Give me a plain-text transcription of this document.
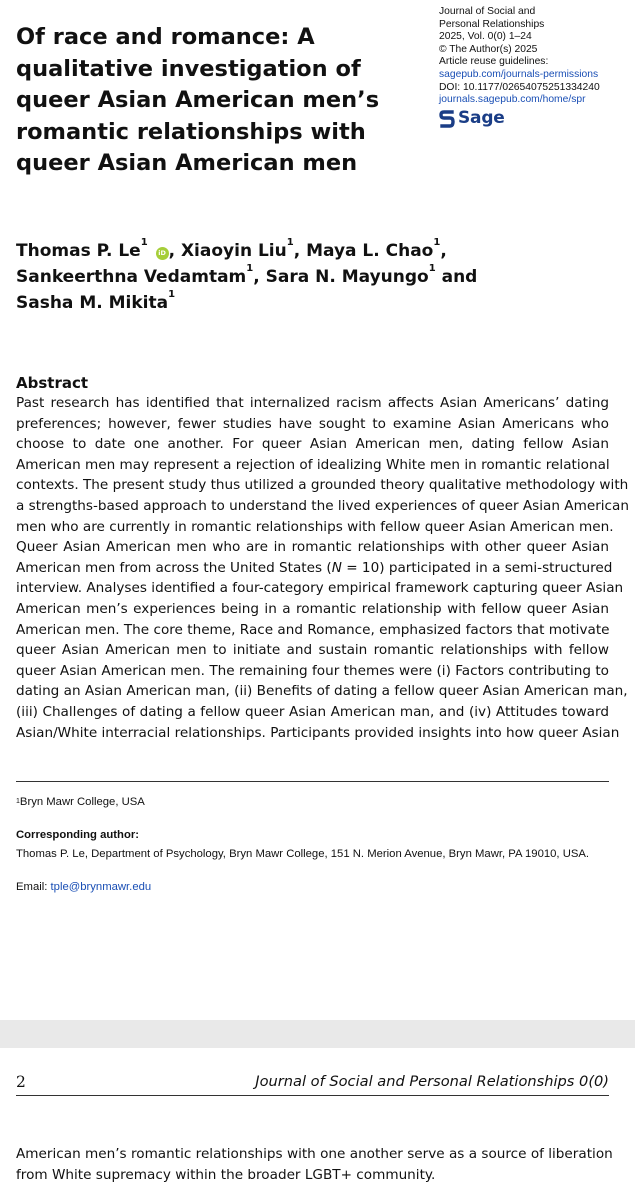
Of race and romance: A
qualitative investigation of
queer Asian American men’s
romantic relationships with
queer Asian American men
Journal of Social and
Personal Relationships
2025, Vol. 0(0) 1–24
© The Author(s) 2025
Article reuse guidelines:
sagepub.com/journals-permissions
DOI: 10.1177/02654075251334240
journals.sagepub.com/home/spr
Sage
Thomas P. Le$^1$ iD , Xiaoyin Liu$^1$, Maya L. Chao$^1$,
Sankeerthna Vedamtam$^1$, Sara N. Mayungo$^1$ and
Sasha M. Mikita$^1$
Abstract
Past research has identified that internalized racism affects Asian Americans’ dating
preferences; however, fewer studies have sought to examine Asian Americans who
choose to date one another. For queer Asian American men, dating fellow Asian
American men may represent a rejection of idealizing White men in romantic relational
contexts. The present study thus utilized a grounded theory qualitative methodology with
a strengths-based approach to understand the lived experiences of queer Asian American
men who are currently in romantic relationships with fellow queer Asian American men.
Queer Asian American men who are in romantic relationships with other queer Asian
American men from across the United States (N = 10) participated in a semi-structured
interview. Analyses identified a four-category empirical framework capturing queer Asian
American men’s experiences being in a romantic relationship with fellow queer Asian
American men. The core theme, Race and Romance, emphasized factors that motivate
queer Asian American men to initiate and sustain romantic relationships with fellow
queer Asian American men. The remaining four themes were (i) Factors contributing to
dating an Asian American man, (ii) Benefits of dating a fellow queer Asian American man,
(iii) Challenges of dating a fellow queer Asian American man, and (iv) Attitudes toward
Asian/White interracial relationships. Participants provided insights into how queer Asian
$^1$Bryn Mawr College, USA
Corresponding author:
Thomas P. Le, Department of Psychology, Bryn Mawr College, 151 N. Merion Avenue, Bryn Mawr, PA 19010, USA.
Email: tple@brynmawr.edu
2	Journal of Social and Personal Relationships 0(0)
American men’s romantic relationships with one another serve as a source of liberation
from White supremacy within the broader LGBT+ community.
